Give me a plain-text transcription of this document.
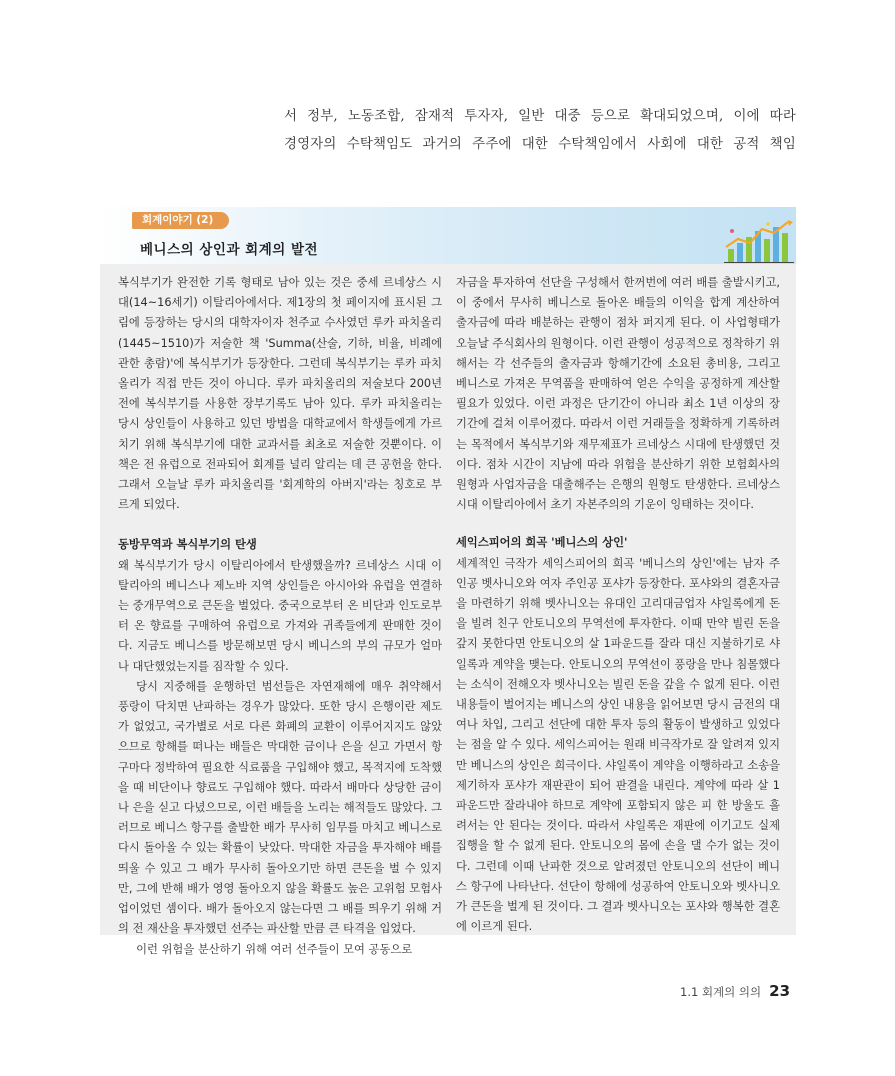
서 정부, 노동조합, 잠재적 투자자, 일반 대중 등으로 확대되었으며, 이에 따라

경영자의 수탁책임도 과거의 주주에 대한 수탁책임에서 사회에 대한 공적 책임

회계이야기 (2)
베니스의 상인과 회계의 발전

복식부기가 완전한 기록 형태로 남아 있는 것은 중세 르네상스 시대(14~16세기) 이탈리아에서다. 제1장의 첫 페이지에 표시된 그림에 등장하는 당시의 대학자이자 천주교 수사였던 루카 파치올리(1445~1510)가 저술한 책 'Summa(산술, 기하, 비율, 비례에 관한 총람)'에 복식부기가 등장한다. 그런데 복식부기는 루카 파치올리가 직접 만든 것이 아니다. 루카 파치올리의 저술보다 200년 전에 복식부기를 사용한 장부기록도 남아 있다. 루카 파치올리는 당시 상인들이 사용하고 있던 방법을 대학교에서 학생들에게 가르치기 위해 복식부기에 대한 교과서를 최초로 저술한 것뿐이다. 이 책은 전 유럽으로 전파되어 회계를 널리 알리는 데 큰 공헌을 한다. 그래서 오늘날 루카 파치올리를 '회계학의 아버지'라는 칭호로 부르게 되었다.

동방무역과 복식부기의 탄생

왜 복식부기가 당시 이탈리아에서 탄생했을까? 르네상스 시대 이탈리아의 베니스나 제노바 지역 상인들은 아시아와 유럽을 연결하는 중개무역으로 큰돈을 벌었다. 중국으로부터 온 비단과 인도로부터 온 향료를 구매하여 유럽으로 가져와 귀족들에게 판매한 것이다. 지금도 베니스를 방문해보면 당시 베니스의 부의 규모가 얼마나 대단했었는지를 짐작할 수 있다.

당시 지중해를 운행하던 범선들은 자연재해에 매우 취약해서 풍랑이 닥치면 난파하는 경우가 많았다. 또한 당시 은행이란 제도가 없었고, 국가별로 서로 다른 화폐의 교환이 이루어지지도 않았으므로 항해를 떠나는 배들은 막대한 금이나 은을 싣고 가면서 항구마다 정박하여 필요한 식료품을 구입해야 했고, 목적지에 도착했을 때 비단이나 향료도 구입해야 했다. 따라서 배마다 상당한 금이나 은을 싣고 다녔으므로, 이런 배들을 노리는 해적들도 많았다. 그러므로 베니스 항구를 출발한 배가 무사히 임무를 마치고 베니스로 다시 돌아올 수 있는 확률이 낮았다. 막대한 자금을 투자해야 배를 띄울 수 있고 그 배가 무사히 돌아오기만 하면 큰돈을 벌 수 있지만, 그에 반해 배가 영영 돌아오지 않을 확률도 높은 고위험 모험사업이었던 셈이다. 배가 돌아오지 않는다면 그 배를 띄우기 위해 거의 전 재산을 투자했던 선주는 파산할 만큼 큰 타격을 입었다.

이런 위험을 분산하기 위해 여러 선주들이 모여 공동으로

자금을 투자하여 선단을 구성해서 한꺼번에 여러 배를 출발시키고, 이 중에서 무사히 베니스로 돌아온 배들의 이익을 합계 계산하여 출자금에 따라 배분하는 관행이 점차 퍼지게 된다. 이 사업형태가 오늘날 주식회사의 원형이다. 이런 관행이 성공적으로 정착하기 위해서는 각 선주들의 출자금과 항해기간에 소요된 총비용, 그리고 베니스로 가져온 무역품을 판매하여 얻은 수익을 공정하게 계산할 필요가 있었다. 이런 과정은 단기간이 아니라 최소 1년 이상의 장기간에 걸쳐 이루어졌다. 따라서 이런 거래들을 정확하게 기록하려는 목적에서 복식부기와 재무제표가 르네상스 시대에 탄생했던 것이다. 점차 시간이 지남에 따라 위험을 분산하기 위한 보험회사의 원형과 사업자금을 대출해주는 은행의 원형도 탄생한다. 르네상스 시대 이탈리아에서 초기 자본주의의 기운이 잉태하는 것이다.

세익스피어의 희곡 '베니스의 상인'

세계적인 극작가 세익스피어의 희곡 '베니스의 상인'에는 남자 주인공 벳사니오와 여자 주인공 포샤가 등장한다. 포샤와의 결혼자금을 마련하기 위해 벳사니오는 유대인 고리대금업자 샤일록에게 돈을 빌려 친구 안토니오의 무역선에 투자한다. 이때 만약 빌린 돈을 갚지 못한다면 안토니오의 살 1파운드를 잘라 대신 지불하기로 샤일록과 계약을 맺는다. 안토니오의 무역선이 풍랑을 만나 침몰했다는 소식이 전해오자 벳사니오는 빌린 돈을 갚을 수 없게 된다. 이런 내용들이 벌어지는 베니스의 상인 내용을 읽어보면 당시 금전의 대여나 차입, 그리고 선단에 대한 투자 등의 활동이 발생하고 있었다는 점을 알 수 있다. 세익스피어는 원래 비극작가로 잘 알려져 있지만 베니스의 상인은 희극이다. 샤일록이 계약을 이행하라고 소송을 제기하자 포샤가 재판관이 되어 판결을 내린다. 계약에 따라 살 1파운드만 잘라내야 하므로 계약에 포함되지 않은 피 한 방울도 흘려서는 안 된다는 것이다. 따라서 샤일록은 재판에 이기고도 실제 집행을 할 수 없게 된다. 안토니오의 몸에 손을 댈 수가 없는 것이다. 그런데 이때 난파한 것으로 알려졌던 안토니오의 선단이 베니스 항구에 나타난다. 선단이 항해에 성공하여 안토니오와 벳사니오가 큰돈을 벌게 된 것이다. 그 결과 벳사니오는 포샤와 행복한 결혼에 이르게 된다.

1.1 회계의 의의 23
